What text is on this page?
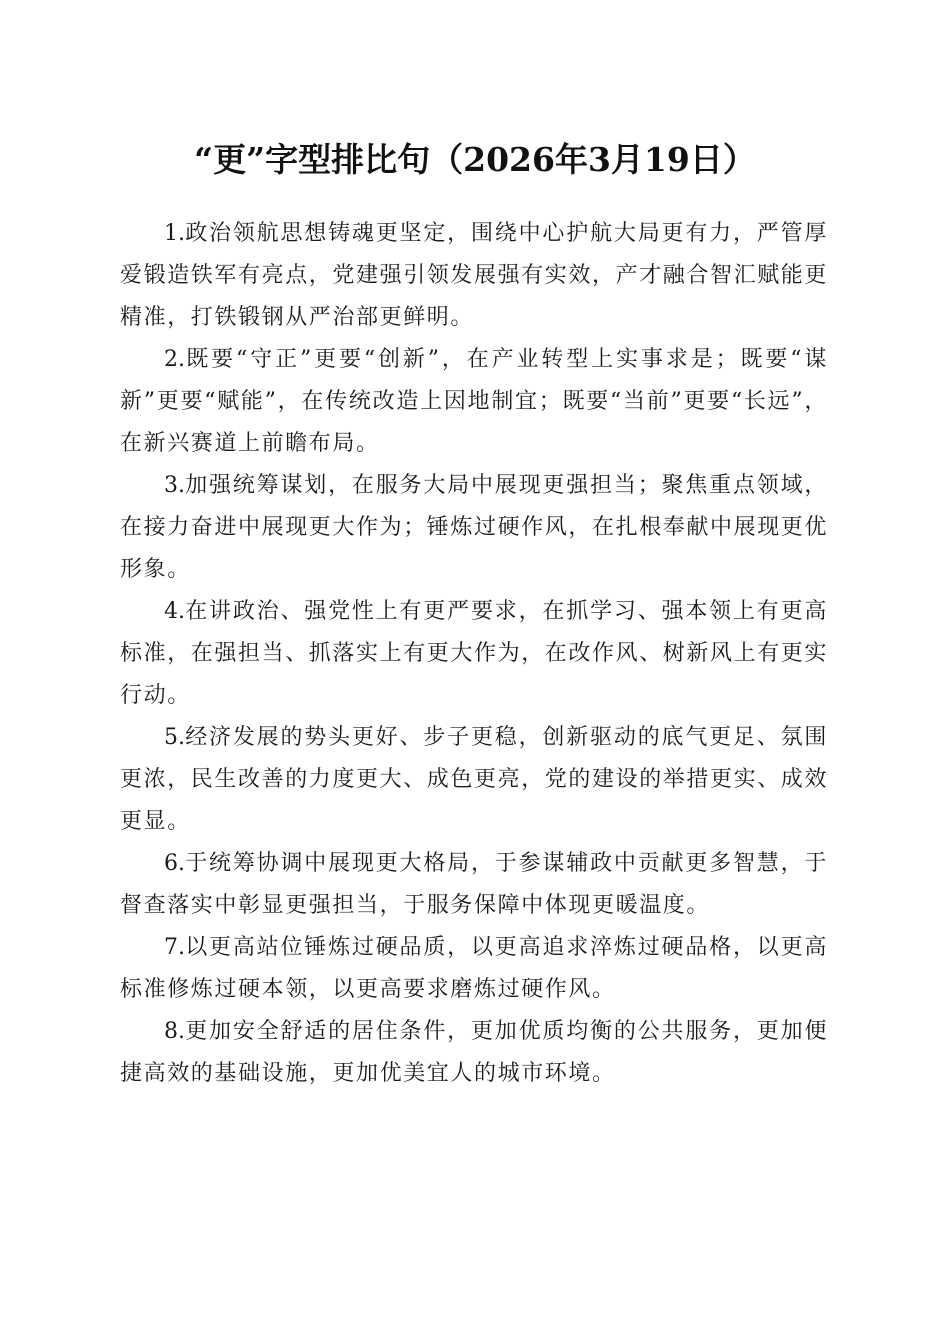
“更”字型排比句（2026年3月19日）

1.政治领航思想铸魂更坚定，围绕中心护航大局更有力，严管厚爱锻造铁军有亮点，党建强引领发展强有实效，产才融合智汇赋能更精准，打铁锻钢从严治部更鲜明。

2.既要“守正”更要“创新”，在产业转型上实事求是；既要“谋新”更要“赋能”，在传统改造上因地制宜；既要“当前”更要“长远”，在新兴赛道上前瞻布局。

3.加强统筹谋划，在服务大局中展现更强担当；聚焦重点领域，在接力奋进中展现更大作为；锤炼过硬作风，在扎根奉献中展现更优形象。

4.在讲政治、强党性上有更严要求，在抓学习、强本领上有更高标准，在强担当、抓落实上有更大作为，在改作风、树新风上有更实行动。

5.经济发展的势头更好、步子更稳，创新驱动的底气更足、氛围更浓，民生改善的力度更大、成色更亮，党的建设的举措更实、成效更显。

6.于统筹协调中展现更大格局，于参谋辅政中贡献更多智慧，于督查落实中彰显更强担当，于服务保障中体现更暖温度。

7.以更高站位锤炼过硬品质，以更高追求淬炼过硬品格，以更高标准修炼过硬本领，以更高要求磨炼过硬作风。

8.更加安全舒适的居住条件，更加优质均衡的公共服务，更加便捷高效的基础设施，更加优美宜人的城市环境。
